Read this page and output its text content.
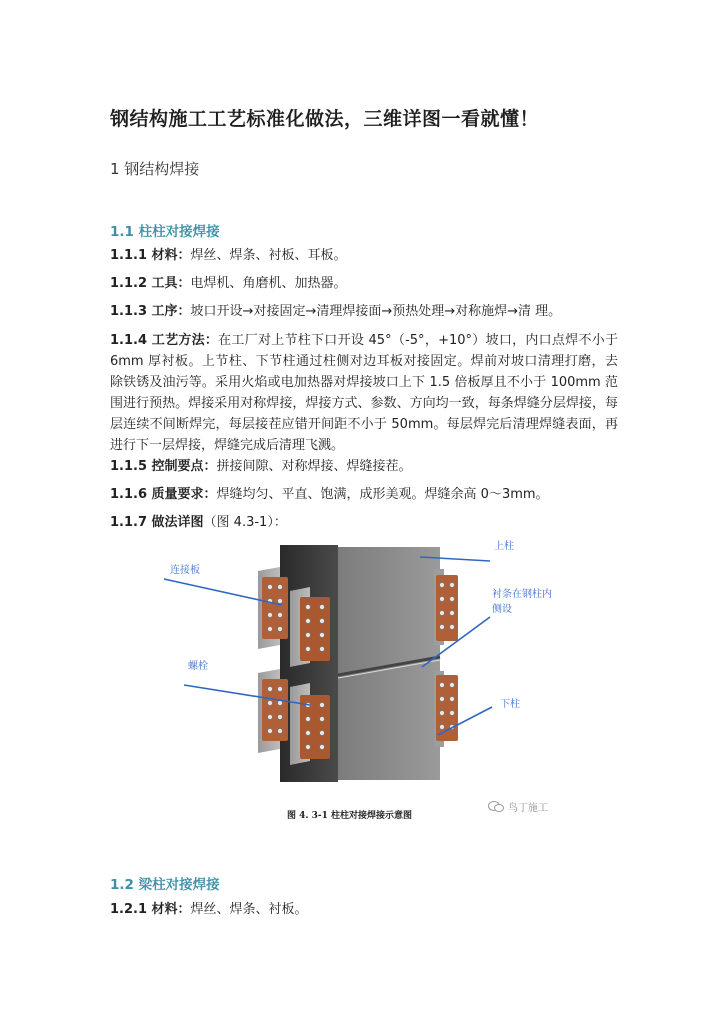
钢结构施工工艺标准化做法，三维详图一看就懂！
1 钢结构焊接
1.1 柱柱对接焊接

1.1.1 材料：焊丝、焊条、衬板、耳板。

1.1.2 工具：电焊机、角磨机、加热器。

1.1.3 工序：坡口开设→对接固定→清理焊接面→预热处理→对称施焊→清 理。

1.1.4 工艺方法：在工厂对上节柱下口开设 45°（-5°，+10°）坡口，内口点焊不小于 6mm 厚衬板。上节柱、下节柱通过柱侧对边耳板对接固定。焊前对坡口清理打磨，去 除铁锈及油污等。采用火焰或电加热器对焊接坡口上下 1.5 倍板厚且不小于 100mm 范围进行预热。焊接采用对称焊接，焊接方式、参数、方向均一致，每条焊缝分层焊接，每层连续不间断焊完，每层接茬应错开间距不小于 50mm。每层焊完后清理焊缝表面，再进行下一层焊接，焊缝完成后清理飞溅。

1.1.5 控制要点：拼接间隙、对称焊接、焊缝接茬。

1.1.6 质量要求：焊缝均匀、平直、饱满，成形美观。焊缝余高 0～3mm。

1.1.7 做法详图（图 4.3-1）：

上柱
连接板
衬条在钢柱内
侧设
螺栓
下柱
鸟丁施工
图 4. 3-1 柱柱对接焊接示意图
1.2 梁柱对接焊接

1.2.1 材料：焊丝、焊条、衬板。
